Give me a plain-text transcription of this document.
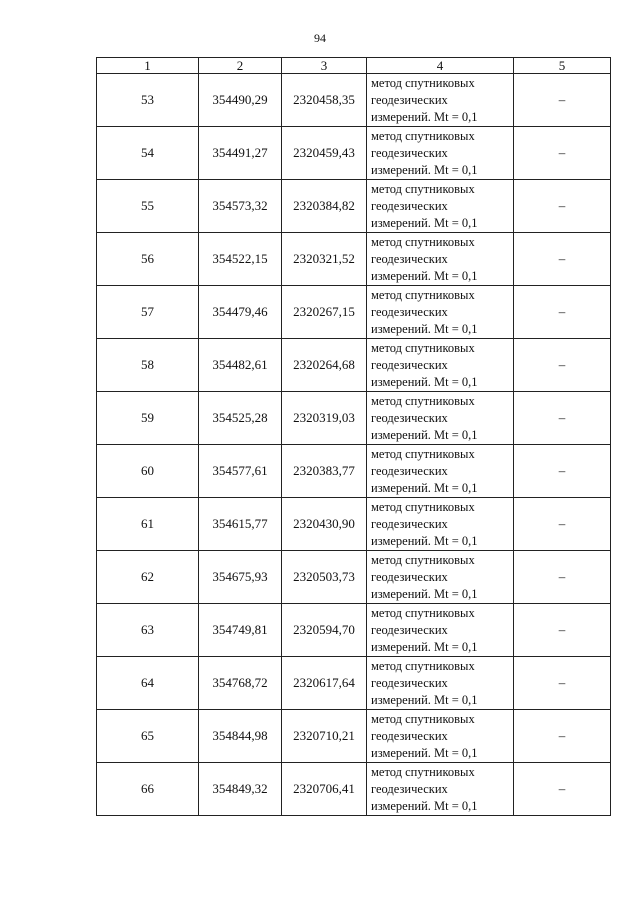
94
1	2	3	4	5
53	354490,29	2320458,35	метод спутниковых
геодезических
измерений. Mt = 0,1	–
54	354491,27	2320459,43	метод спутниковых
геодезических
измерений. Mt = 0,1	–
55	354573,32	2320384,82	метод спутниковых
геодезических
измерений. Mt = 0,1	–
56	354522,15	2320321,52	метод спутниковых
геодезических
измерений. Mt = 0,1	–
57	354479,46	2320267,15	метод спутниковых
геодезических
измерений. Mt = 0,1	–
58	354482,61	2320264,68	метод спутниковых
геодезических
измерений. Mt = 0,1	–
59	354525,28	2320319,03	метод спутниковых
геодезических
измерений. Mt = 0,1	–
60	354577,61	2320383,77	метод спутниковых
геодезических
измерений. Mt = 0,1	–
61	354615,77	2320430,90	метод спутниковых
геодезических
измерений. Mt = 0,1	–
62	354675,93	2320503,73	метод спутниковых
геодезических
измерений. Mt = 0,1	–
63	354749,81	2320594,70	метод спутниковых
геодезических
измерений. Mt = 0,1	–
64	354768,72	2320617,64	метод спутниковых
геодезических
измерений. Mt = 0,1	–
65	354844,98	2320710,21	метод спутниковых
геодезических
измерений. Mt = 0,1	–
66	354849,32	2320706,41	метод спутниковых
геодезических
измерений. Mt = 0,1	–
